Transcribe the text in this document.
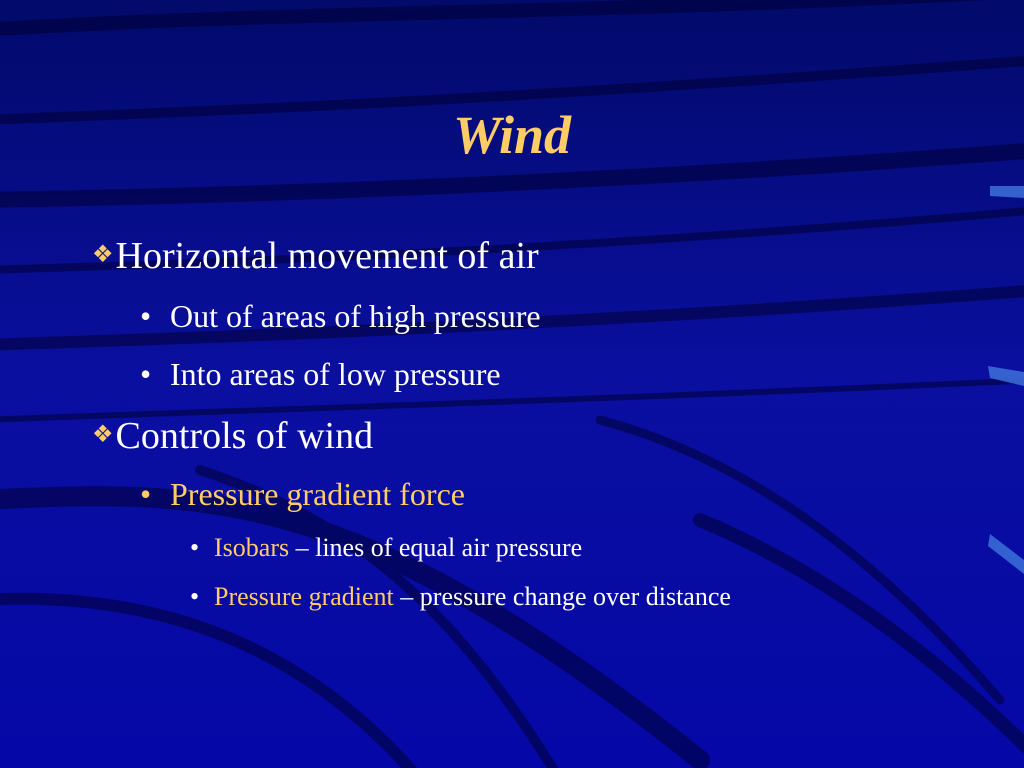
Wind
❖Horizontal movement of air
• Out of areas of high pressure
• Into areas of low pressure
❖Controls of wind
• Pressure gradient force
• Isobars – lines of equal air pressure
• Pressure gradient – pressure change over distance
